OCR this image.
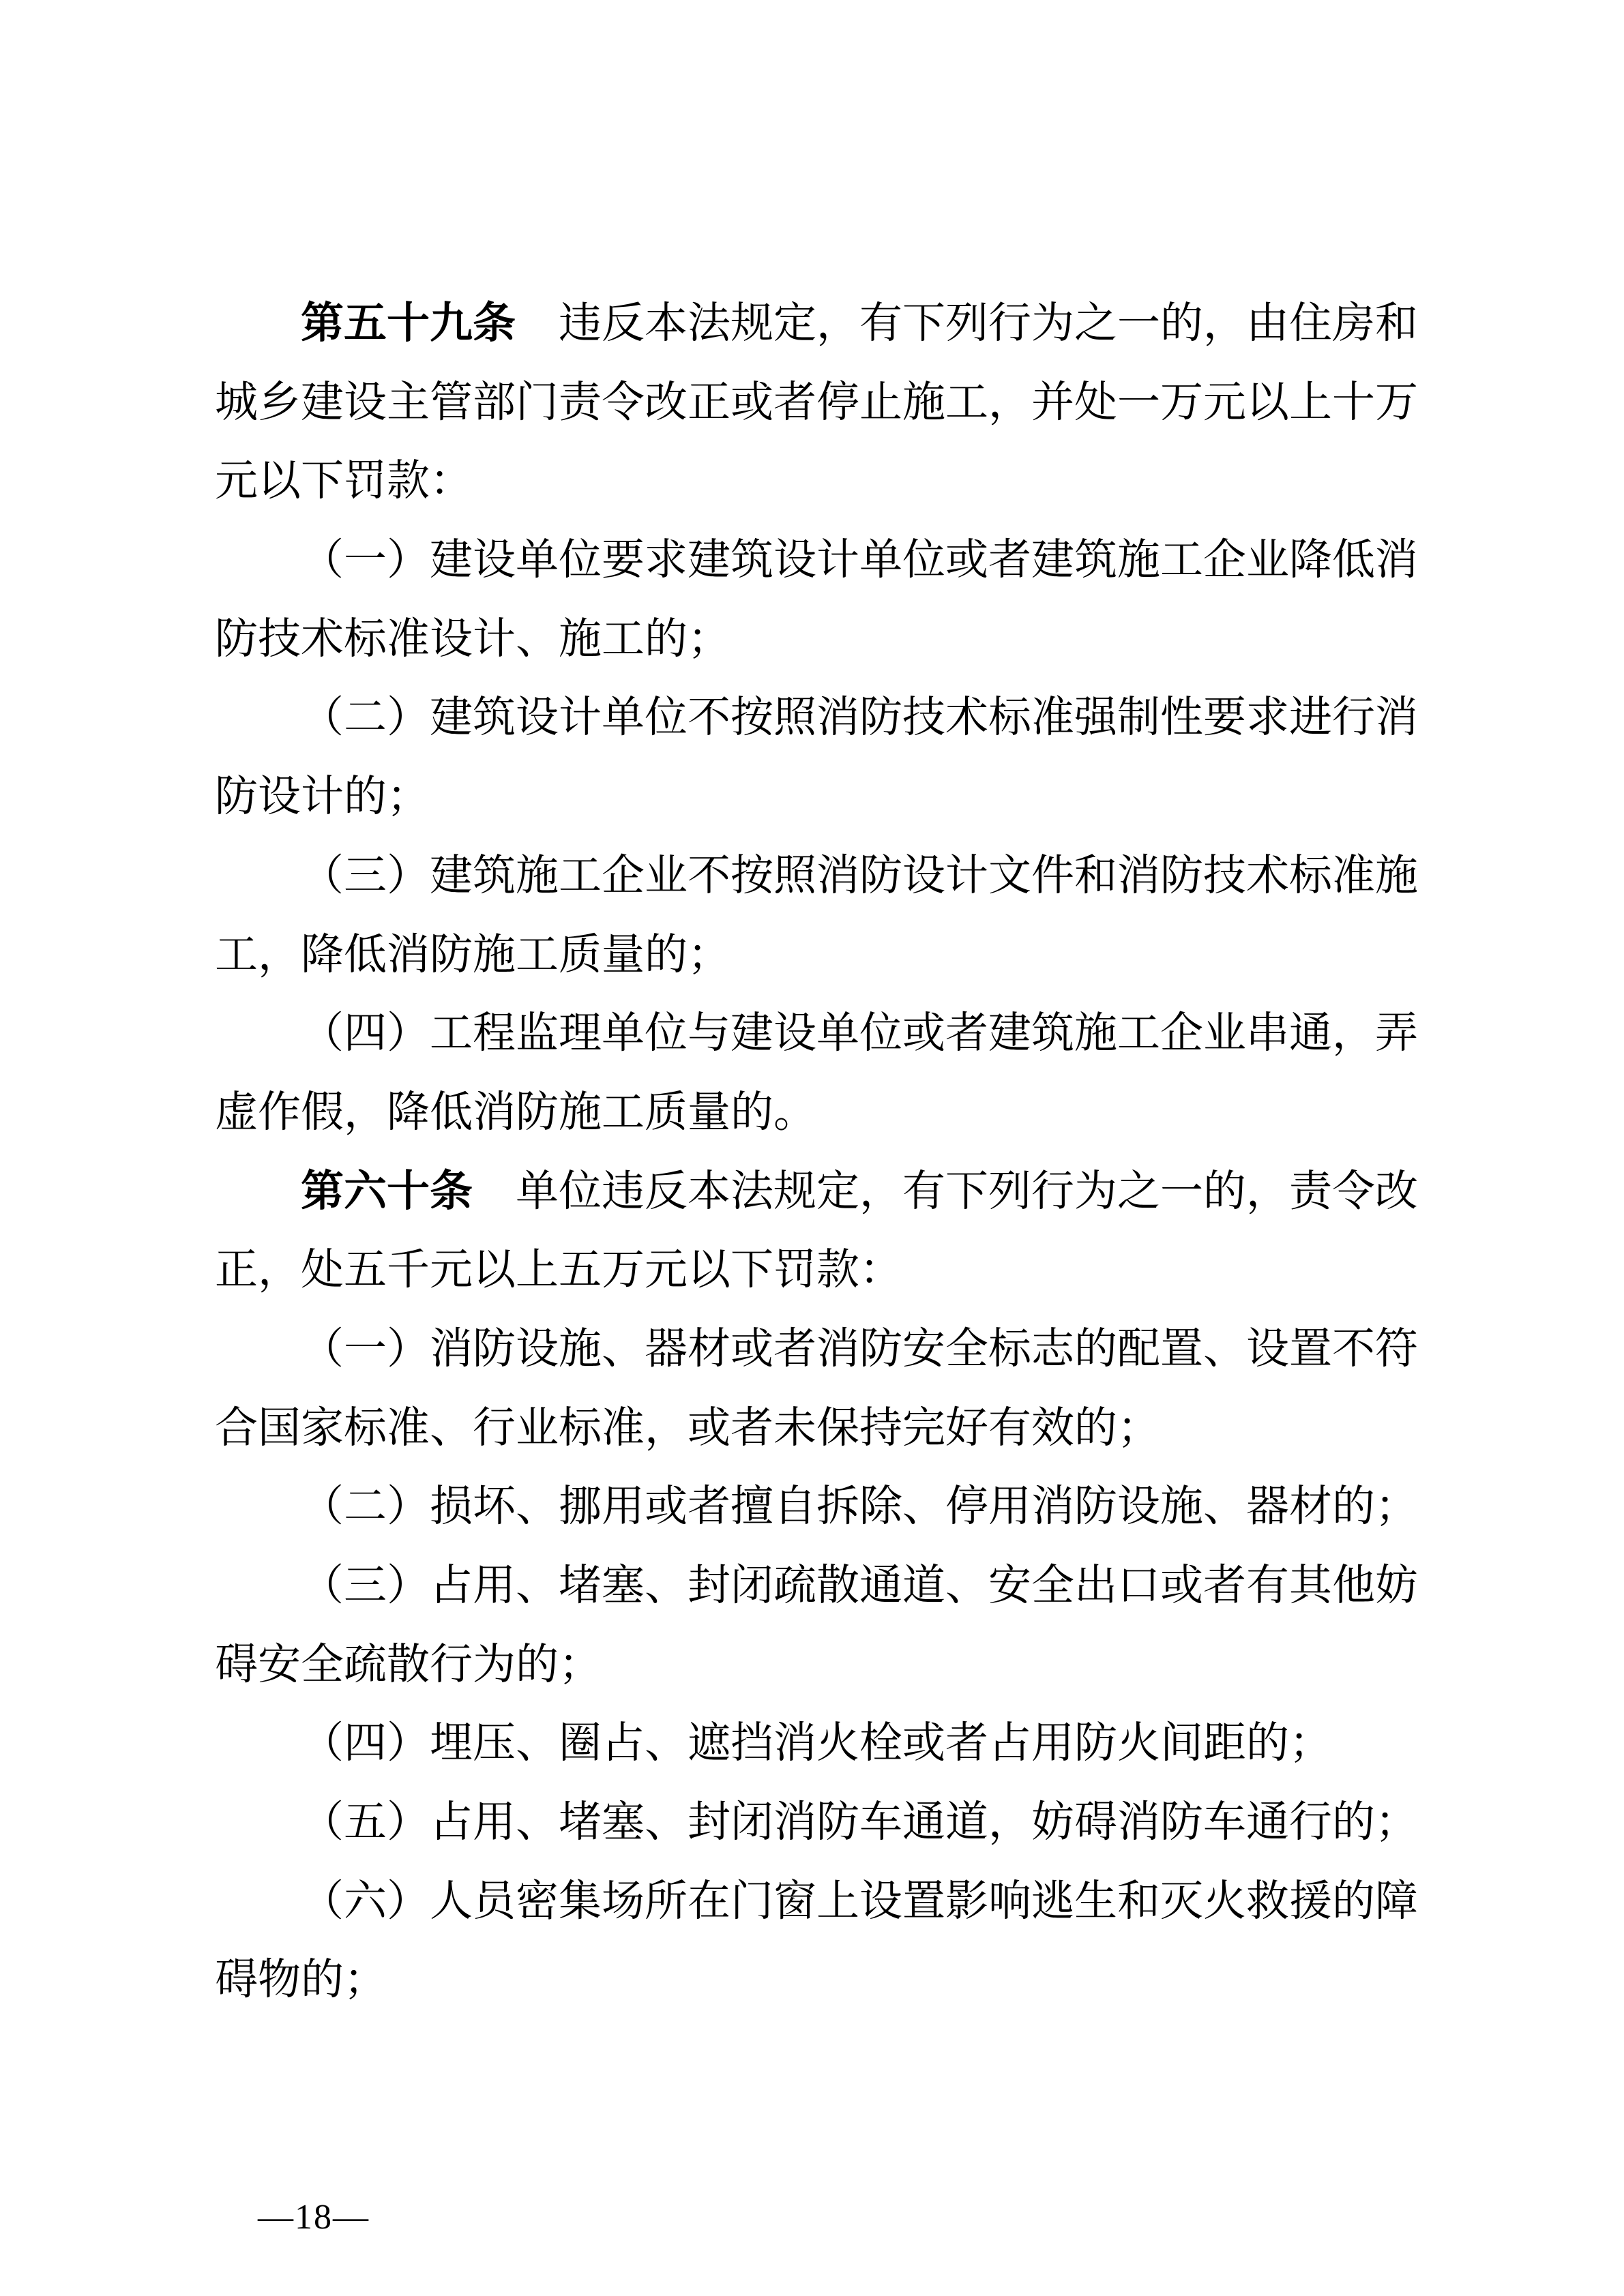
第五十九条　违反本法规定，有下列行为之一的，由住房和
城乡建设主管部门责令改正或者停止施工，并处一万元以上十万
元以下罚款：
（一）建设单位要求建筑设计单位或者建筑施工企业降低消
防技术标准设计、施工的；
（二）建筑设计单位不按照消防技术标准强制性要求进行消
防设计的；
（三）建筑施工企业不按照消防设计文件和消防技术标准施
工，降低消防施工质量的；
（四）工程监理单位与建设单位或者建筑施工企业串通，弄
虚作假，降低消防施工质量的。
第六十条　单位违反本法规定，有下列行为之一的，责令改
正，处五千元以上五万元以下罚款：
（一）消防设施、器材或者消防安全标志的配置、设置不符
合国家标准、行业标准，或者未保持完好有效的；
（二）损坏、挪用或者擅自拆除、停用消防设施、器材的；
（三）占用、堵塞、封闭疏散通道、安全出口或者有其他妨
碍安全疏散行为的；
（四）埋压、圈占、遮挡消火栓或者占用防火间距的；
（五）占用、堵塞、封闭消防车通道，妨碍消防车通行的；
（六）人员密集场所在门窗上设置影响逃生和灭火救援的障
碍物的；
—18—
